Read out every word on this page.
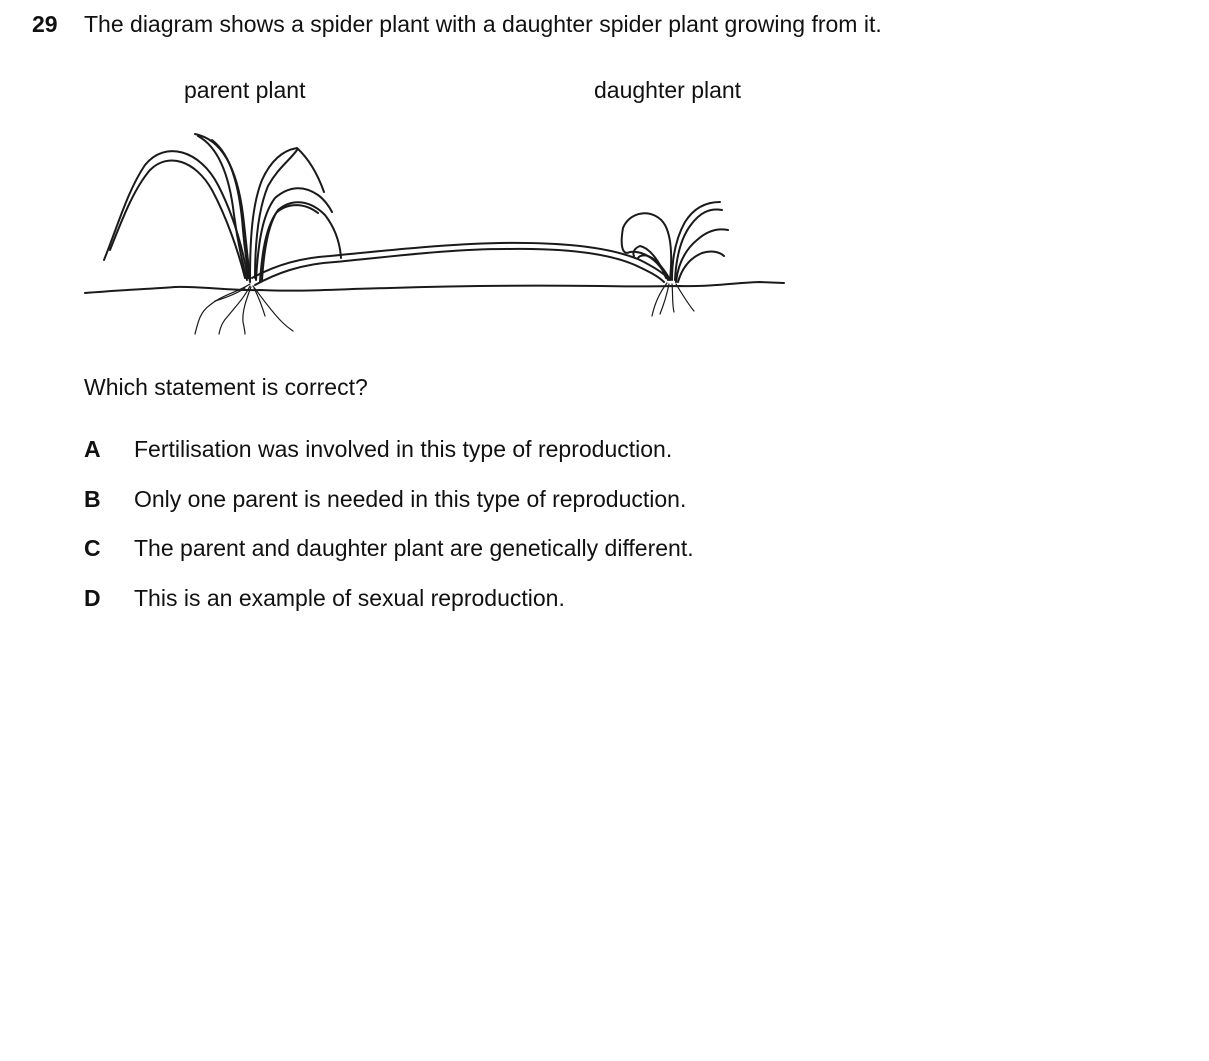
29 The diagram shows a spider plant with a daughter spider plant growing from it.
parent plant	daughter plant
Which statement is correct?
A Fertilisation was involved in this type of reproduction.
B Only one parent is needed in this type of reproduction.
C The parent and daughter plant are genetically different.
D This is an example of sexual reproduction.
